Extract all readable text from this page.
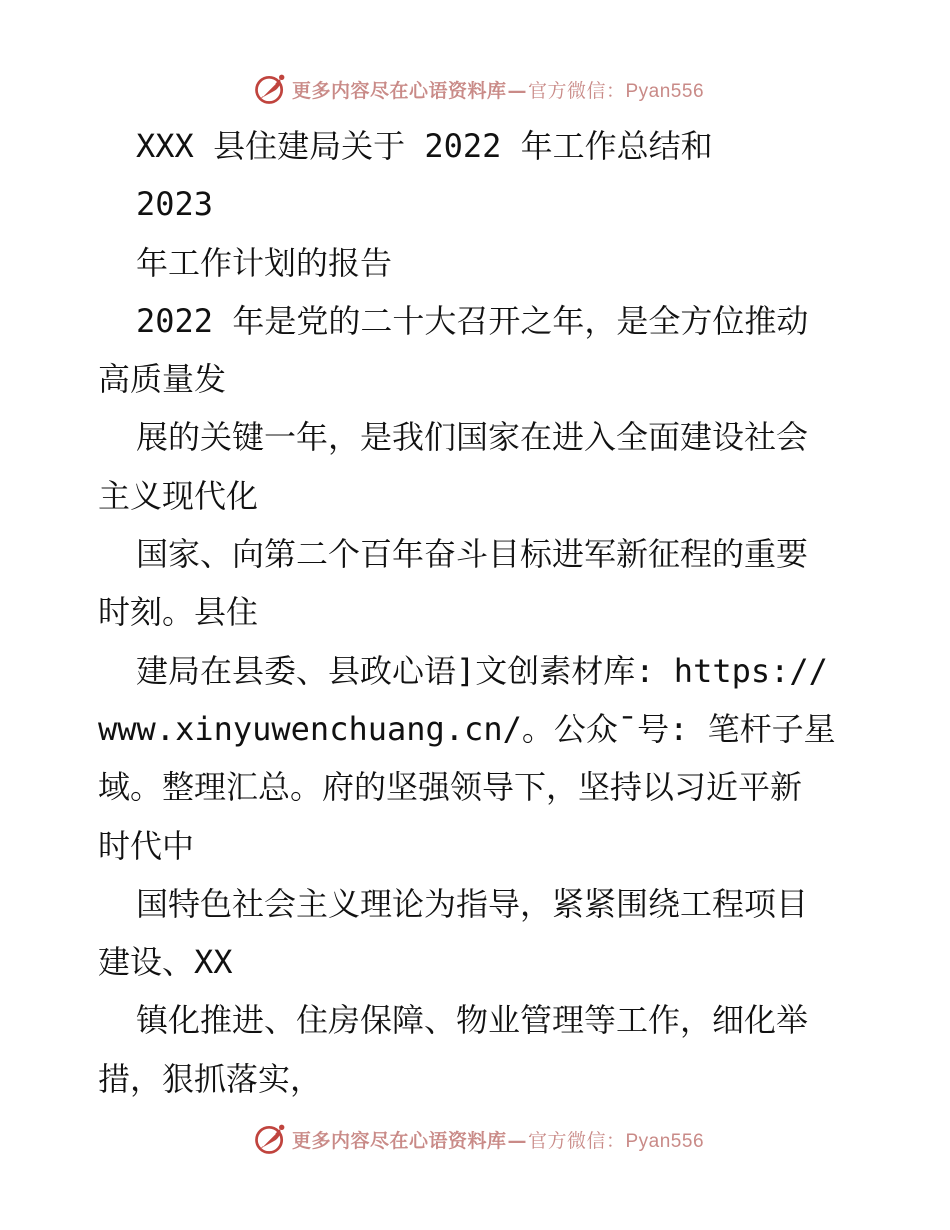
更多内容尽在心语资料库—官方微信：Pyan556
XXX 县住建局关于 2022 年工作总结和
2023
年工作计划的报告
2022 年是党的二十大召开之年，是全方位推动
高质量发
展的关键一年，是我们国家在进入全面建设社会
主义现代化
国家、向第二个百年奋斗目标进军新征程的重要
时刻。县住
建局在县委、县政心语]文创素材库: https://
www.xinyuwenchuang.cn/。公众¯号: 笔杆子星
域。整理汇总。府的坚强领导下，坚持以习近平新
时代中
国特色社会主义理论为指导，紧紧围绕工程项目
建设、XX
镇化推进、住房保障、物业管理等工作，细化举
措，狠抓落实，
更多内容尽在心语资料库—官方微信：Pyan556
